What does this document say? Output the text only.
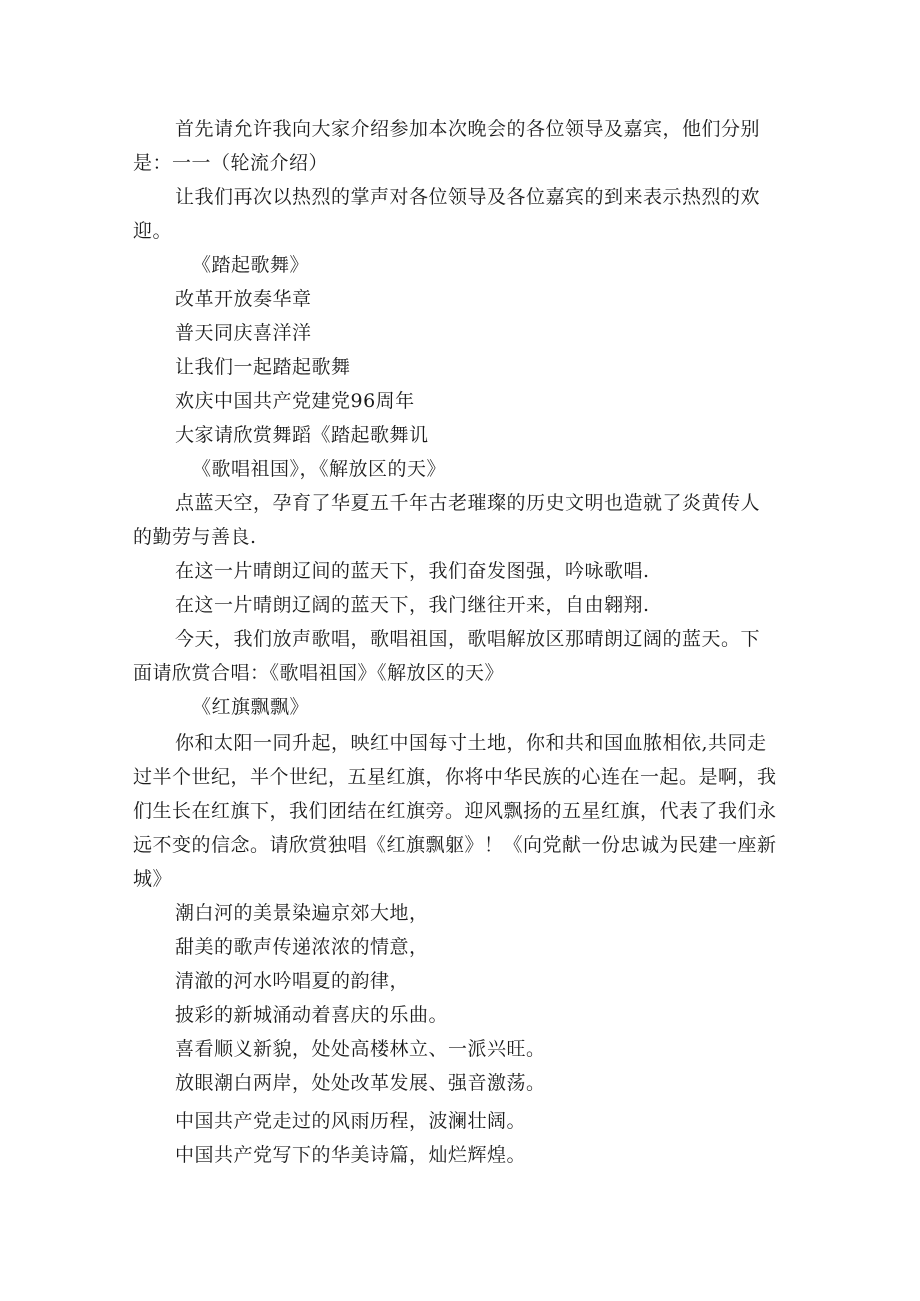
首先请允许我向大家介绍参加本次晚会的各位领导及嘉宾，他们分别
是：一一（轮流介绍）
让我们再次以热烈的掌声对各位领导及各位嘉宾的到来表示热烈的欢
迎。
《踏起歌舞》
改革开放奏华章
普天同庆喜洋洋
让我们一起踏起歌舞
欢庆中国共产党建党96周年
大家请欣赏舞蹈《踏起歌舞讥
《歌唱祖国》，《解放区的天》
点蓝天空，孕育了华夏五千年古老璀璨的历史文明也造就了炎黄传人
的勤劳与善良.
在这一片晴朗辽间的蓝天下，我们奋发图强，吟咏歌唱.
在这一片晴朗辽阔的蓝天下，我门继往开来，自由翱翔.
今天，我们放声歌唱，歌唱祖国，歌唱解放区那晴朗辽阔的蓝天。下
面请欣赏合唱：《歌唱祖国》《解放区的天》
《红旗飘飘》
你和太阳一同升起，映红中国每寸土地，你和共和国血脓相依,共同走
过半个世纪，半个世纪，五星红旗，你将中华民族的心连在一起。是啊，我
们生长在红旗下，我们团结在红旗旁。迎风飘扬的五星红旗，代表了我们永
远不变的信念。请欣赏独唱《红旗飘躯》！《向党献一份忠诚为民建一座新
城》
潮白河的美景染遍京郊大地，
甜美的歌声传递浓浓的情意，
清澈的河水吟唱夏的韵律，
披彩的新城涌动着喜庆的乐曲。
喜看顺义新貌，处处高楼林立、一派兴旺。
放眼潮白两岸，处处改革发展、强音激荡。
中国共产党走过的风雨历程，波澜壮阔。
中国共产党写下的华美诗篇，灿烂辉煌。
